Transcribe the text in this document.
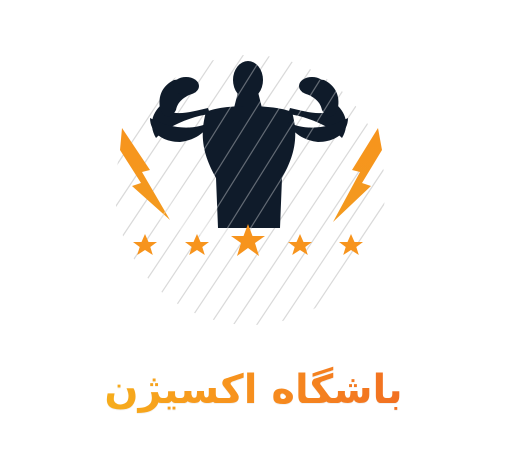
باشگاه اکسیژن
